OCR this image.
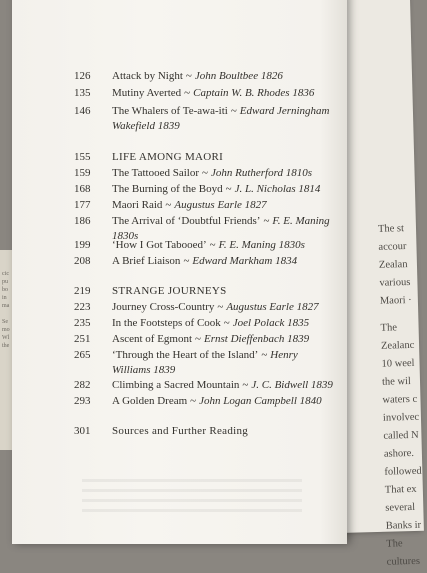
cic
pu
bo
in
ma

Se
mo
Wl
the
The st
accour
Zealan
various
Maori ·
The
Zealanc
10 weel
the wil
waters c
involvec
called N
ashore.
followed
That ex
several
Banks ir
The
cultures
126	Attack by Night ~ John Boultbee 1826
135	Mutiny Averted ~ Captain W. B. Rhodes 1836
146	The Whalers of Te-awa-iti ~ Edward Jerningham Wakefield 1839
155	LIFE AMONG MAORI
159	The Tattooed Sailor ~ John Rutherford 1810s
168	The Burning of the Boyd ~ J. L. Nicholas 1814
177	Maori Raid ~ Augustus Earle 1827
186	The Arrival of ‘Doubtful Friends’ ~ F. E. Maning 1830s
199	‘How I Got Tabooed’ ~ F. E. Maning 1830s
208	A Brief Liaison ~ Edward Markham 1834
219	STRANGE JOURNEYS
223	Journey Cross-Country ~ Augustus Earle 1827
235	In the Footsteps of Cook ~ Joel Polack 1835
251	Ascent of Egmont ~ Ernst Dieffenbach 1839
265	‘Through the Heart of the Island’ ~ Henry Williams 1839
282	Climbing a Sacred Mountain ~ J. C. Bidwell 1839
293	A Golden Dream ~ John Logan Campbell 1840
301	Sources and Further Reading
